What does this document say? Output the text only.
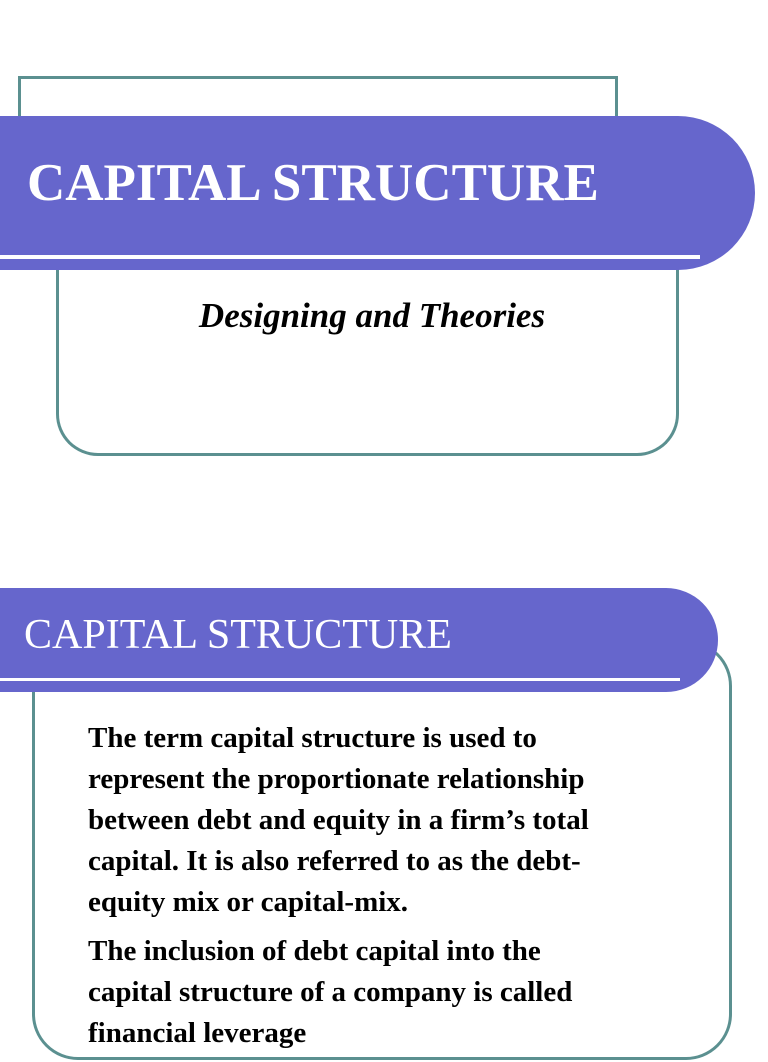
CAPITAL STRUCTURE
Designing and Theories
CAPITAL STRUCTURE

The term capital structure is used to
represent the proportionate relationship
between debt and equity in a firm’s total
capital. It is also referred to as the debt-
equity mix or capital-mix.

The inclusion of debt capital into the
capital structure of a company is called
financial leverage
